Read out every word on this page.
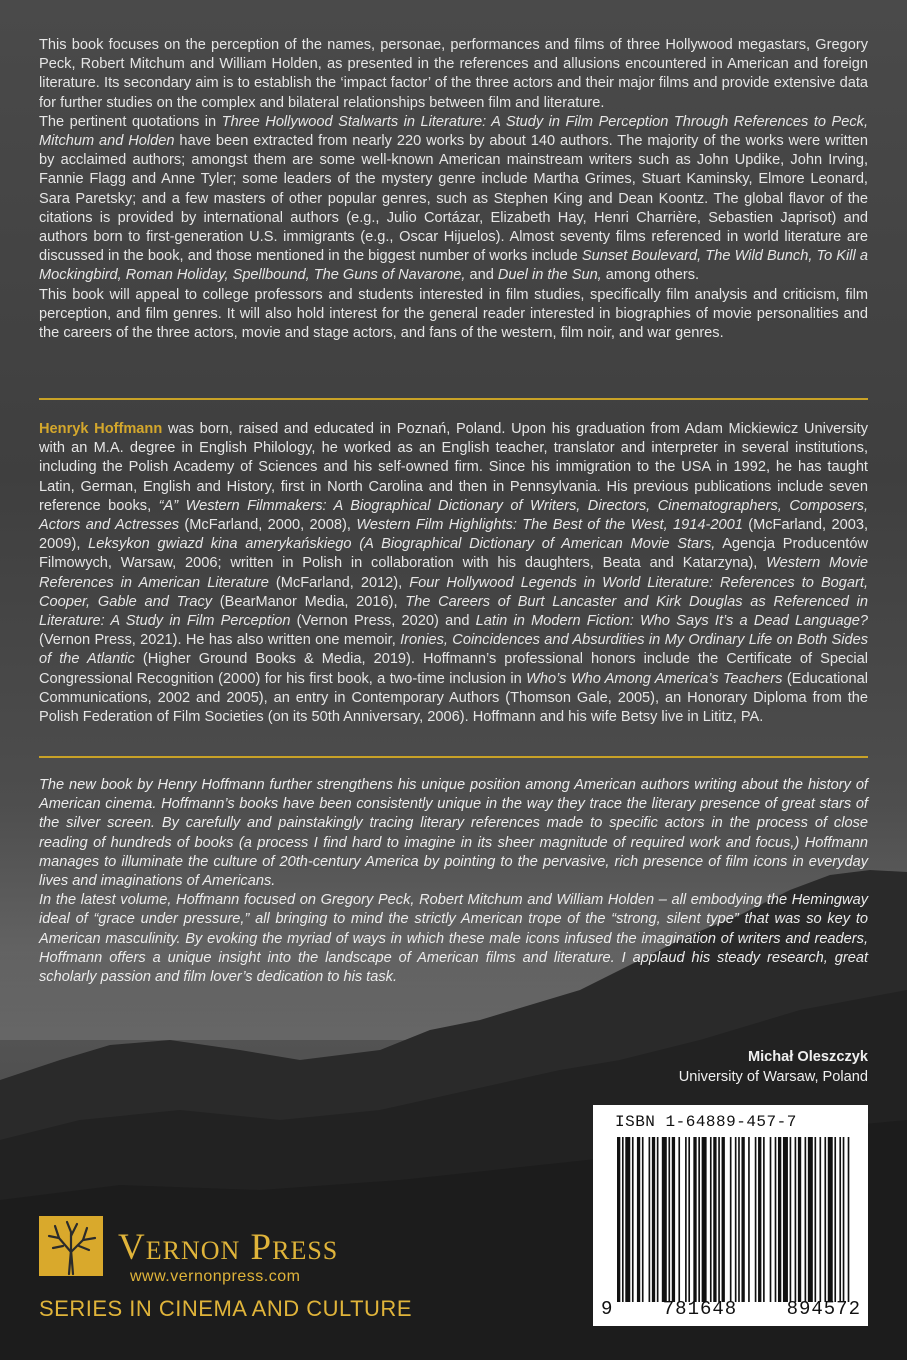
This book focuses on the perception of the names, personae, performances and films of three Hollywood megastars, Gregory Peck, Robert Mitchum and William Holden, as presented in the references and allusions encountered in American and foreign literature. Its secondary aim is to establish the ‘impact factor’ of the three actors and their major films and provide extensive data for further studies on the complex and bilateral relationships between film and literature.

The pertinent quotations in Three Hollywood Stalwarts in Literature: A Study in Film Perception Through References to Peck, Mitchum and Holden have been extracted from nearly 220 works by about 140 authors. The majority of the works were written by acclaimed authors; amongst them are some well-known American mainstream writers such as John Updike, John Irving, Fannie Flagg and Anne Tyler; some leaders of the mystery genre include Martha Grimes, Stuart Kaminsky, Elmore Leonard, Sara Paretsky; and a few masters of other popular genres, such as Stephen King and Dean Koontz. The global flavor of the citations is provided by international authors (e.g., Julio Cortázar, Elizabeth Hay, Henri Charrière, Sebastien Japrisot) and authors born to first-generation U.S. immigrants (e.g., Oscar Hijuelos). Almost seventy films referenced in world literature are discussed in the book, and those mentioned in the biggest number of works include Sunset Boulevard, The Wild Bunch, To Kill a Mockingbird, Roman Holiday, Spellbound, The Guns of Navarone, and Duel in the Sun, among others.

This book will appeal to college professors and students interested in film studies, specifically film analysis and criticism, film perception, and film genres. It will also hold interest for the general reader interested in biographies of movie personalities and the careers of the three actors, movie and stage actors, and fans of the western, film noir, and war genres.

Henryk Hoffmann was born, raised and educated in Poznań, Poland. Upon his graduation from Adam Mickiewicz University with an M.A. degree in English Philology, he worked as an English teacher, translator and interpreter in several institutions, including the Polish Academy of Sciences and his self-owned firm. Since his immigration to the USA in 1992, he has taught Latin, German, English and History, first in North Carolina and then in Pennsylvania. His previous publications include seven reference books, “A” Western Filmmakers: A Biographical Dictionary of Writers, Directors, Cinematographers, Composers, Actors and Actresses (McFarland, 2000, 2008), Western Film Highlights: The Best of the West, 1914-2001 (McFarland, 2003, 2009), Leksykon gwiazd kina amerykańskiego (A Biographical Dictionary of American Movie Stars, Agencja Producentów Filmowych, Warsaw, 2006; written in Polish in collaboration with his daughters, Beata and Katarzyna), Western Movie References in American Literature (McFarland, 2012), Four Hollywood Legends in World Literature: References to Bogart, Cooper, Gable and Tracy (BearManor Media, 2016), The Careers of Burt Lancaster and Kirk Douglas as Referenced in Literature: A Study in Film Perception (Vernon Press, 2020) and Latin in Modern Fiction: Who Says It’s a Dead Language? (Vernon Press, 2021). He has also written one memoir, Ironies, Coincidences and Absurdities in My Ordinary Life on Both Sides of the Atlantic (Higher Ground Books & Media, 2019). Hoffmann’s professional honors include the Certificate of Special Congressional Recognition (2000) for his first book, a two-time inclusion in Who’s Who Among America’s Teachers (Educational Communications, 2002 and 2005), an entry in Contemporary Authors (Thomson Gale, 2005), an Honorary Diploma from the Polish Federation of Film Societies (on its 50th Anniversary, 2006). Hoffmann and his wife Betsy live in Lititz, PA.

The new book by Henry Hoffmann further strengthens his unique position among American authors writing about the history of American cinema. Hoffmann’s books have been consistently unique in the way they trace the literary presence of great stars of the silver screen. By carefully and painstakingly tracing literary references made to specific actors in the process of close reading of hundreds of books (a process I find hard to imagine in its sheer magnitude of required work and focus,) Hoffmann manages to illuminate the culture of 20th-century America by pointing to the pervasive, rich presence of film icons in everyday lives and imaginations of Americans.

In the latest volume, Hoffmann focused on Gregory Peck, Robert Mitchum and William Holden – all embodying the Hemingway ideal of “grace under pressure,” all bringing to mind the strictly American trope of the “strong, silent type” that was so key to American masculinity. By evoking the myriad of ways in which these male icons infused the imagination of writers and readers, Hoffmann offers a unique insight into the landscape of American films and literature. I applaud his steady research, great scholarly passion and film lover’s dedication to his task.

Michał Oleszczyk
University of Warsaw, Poland
ISBN 1-64889-457-7
9	781648	894572
Vernon Press
www.vernonpress.com
SERIES IN CINEMA AND CULTURE
